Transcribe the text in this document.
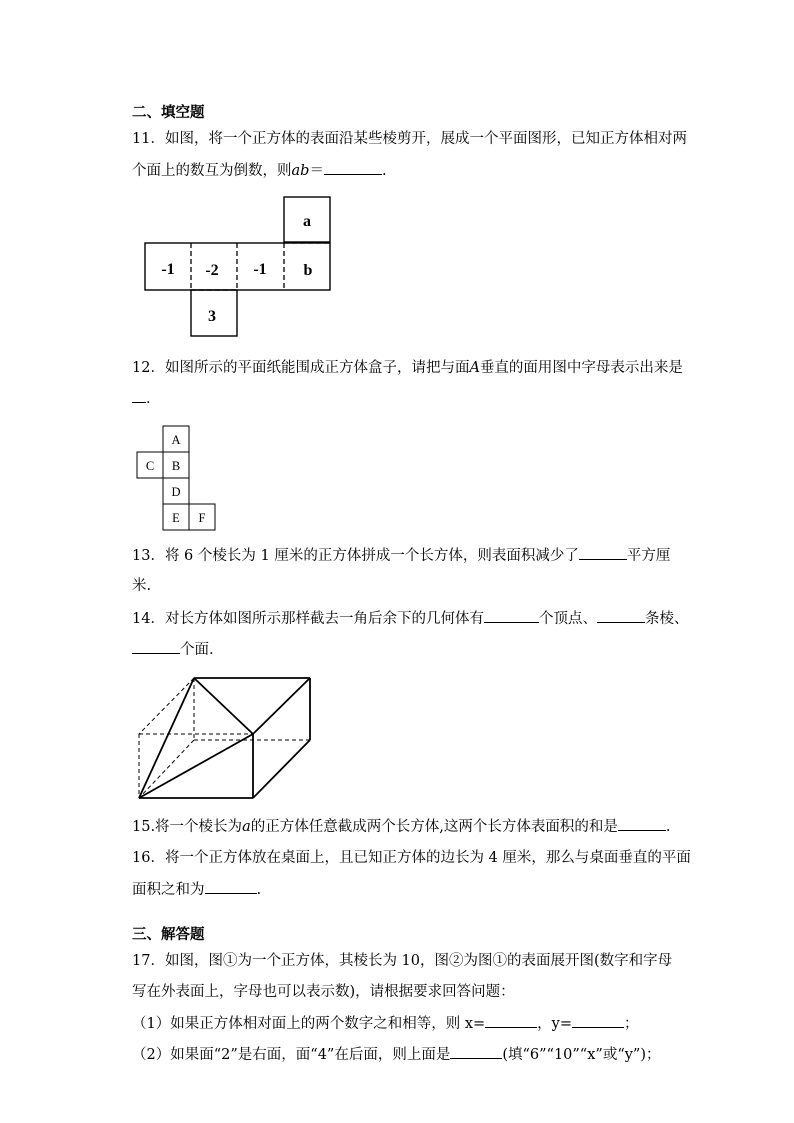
二、填空题
11．如图，将一个正方体的表面沿某些棱剪开，展成一个平面图形，已知正方体相对两
个面上的数互为倒数，则ab＝	.
a
-1 -2 -1 b
3
12．如图所示的平面纸能围成正方体盒子，请把与面A垂直的面用图中字母表示出来是
．
A
C B
D
E F
13．将 6 个棱长为 1 厘米的正方体拼成一个长方体，则表面积减少了	平方厘
米.
14．对长方体如图所示那样截去一角后余下的几何体有	个顶点、	条棱、
个面．
15.将一个棱长为a的正方体任意截成两个长方体,这两个长方体表面积的和是	.
16．将一个正方体放在桌面上，且已知正方体的边长为 4 厘米，那么与桌面垂直的平面
面积之和为	.
三、解答题
17．如图，图①为一个正方体，其棱长为 10，图②为图①的表面展开图(数字和字母
写在外表面上，字母也可以表示数)，请根据要求回答问题：
（1）如果正方体相对面上的两个数字之和相等，则 x=	，y=	；
（2）如果面“2”是右面，面“4”在后面，则上面是	(填“6”“10”“x”或“y”)；
